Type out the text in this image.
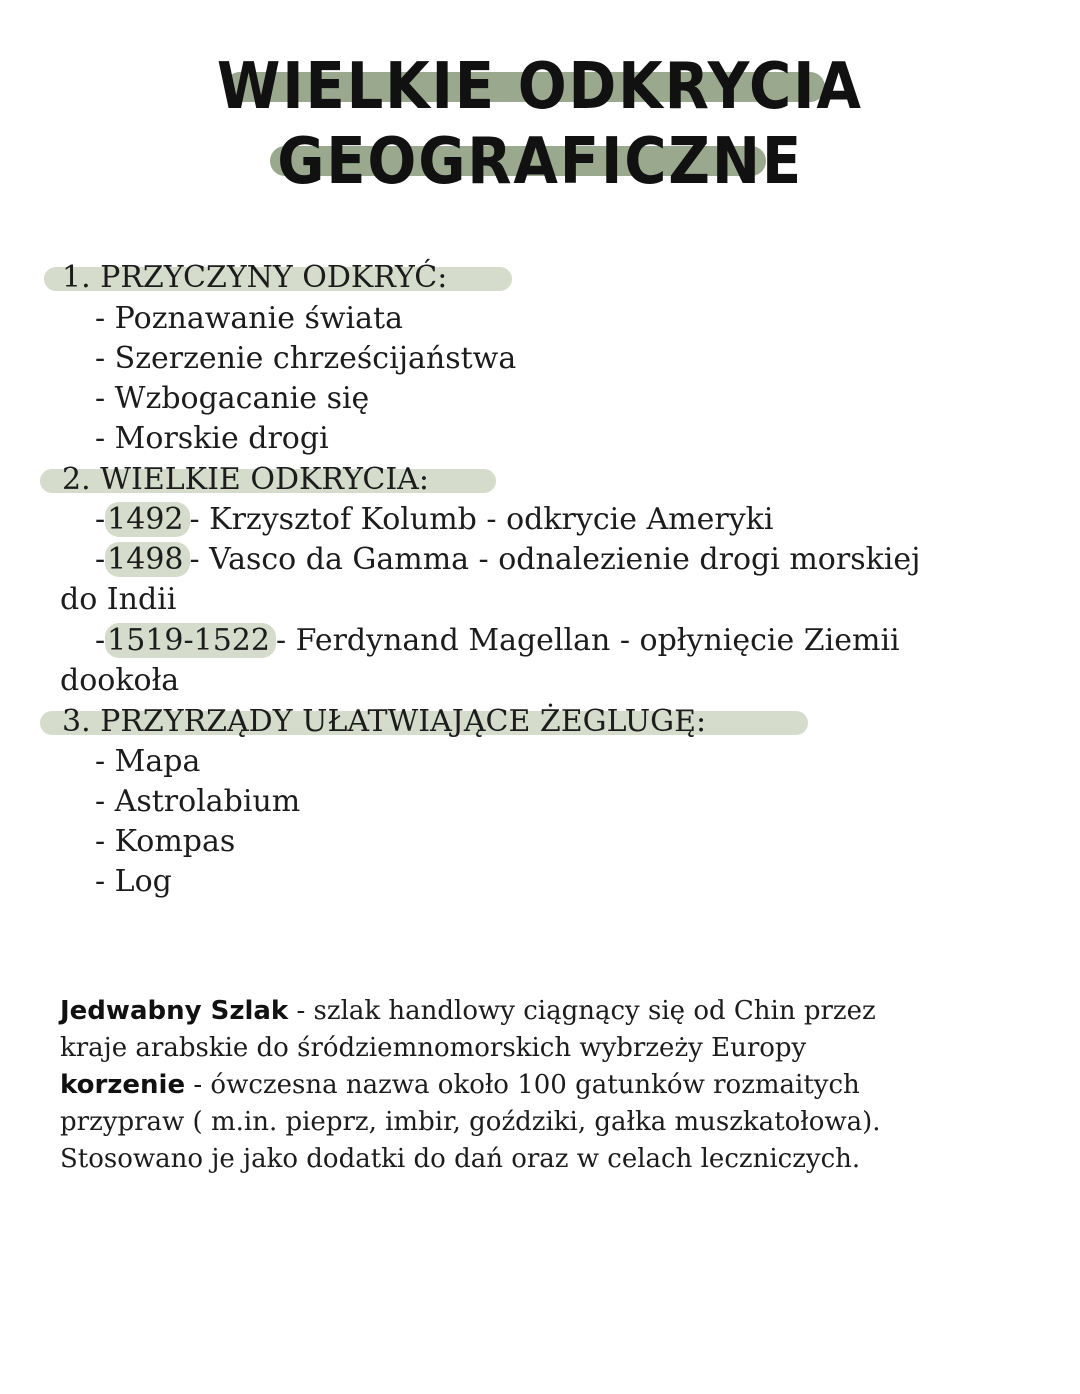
WIELKIE ODKRYCIA
GEOGRAFICZNE
1. PRZYCZYNY ODKRYĆ:
- Poznawanie świata
- Szerzenie chrześcijaństwa
- Wzbogacanie się
- Morskie drogi
2. WIELKIE ODKRYCIA:
-1492 - Krzysztof Kolumb - odkrycie Ameryki
-1498 - Vasco da Gamma - odnalezienie drogi morskiej
do Indii
-1519-1522 - Ferdynand Magellan - opłynięcie Ziemii
dookoła
3. PRZYRZĄDY UŁATWIAJĄCE ŻEGLUGĘ:
- Mapa
- Astrolabium
- Kompas
- Log
Jedwabny Szlak - szlak handlowy ciągnący się od Chin przez
kraje arabskie do śródziemnomorskich wybrzeży Europy
korzenie - ówczesna nazwa około 100 gatunków rozmaitych
przypraw ( m.in. pieprz, imbir, goździki, gałka muszkatołowa).
Stosowano je jako dodatki do dań oraz w celach leczniczych.
